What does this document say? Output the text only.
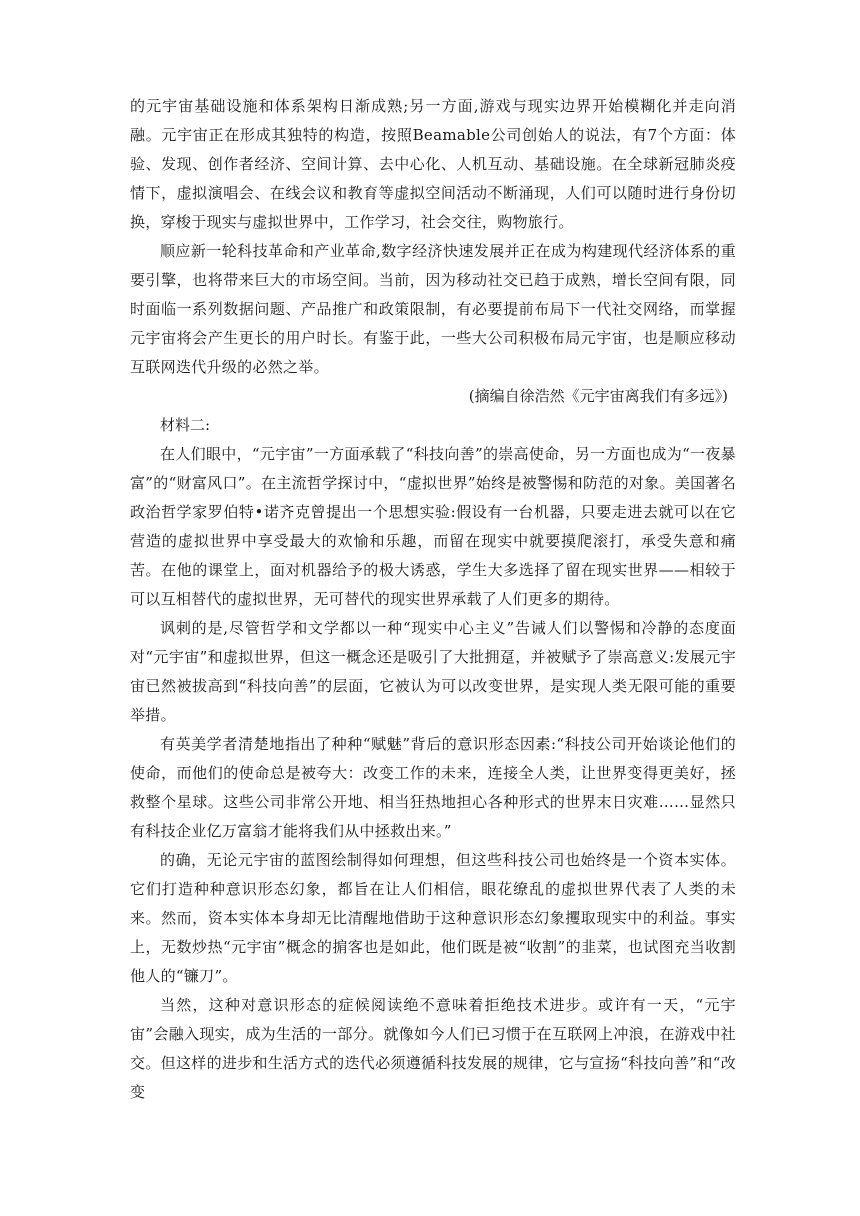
的元宇宙基础设施和体系架构日渐成熟;另一方面,游戏与现实边界开始模糊化并走向消融。元宇宙正在形成其独特的构造，按照Beamable公司创始人的说法，有7个方面：体验、发现、创作者经济、空间计算、去中心化、人机互动、基础设施。在全球新冠肺炎疫情下，虚拟演唱会、在线会议和教育等虚拟空间活动不断涌现，人们可以随时进行身份切换，穿梭于现实与虚拟世界中，工作学习，社会交往，购物旅行。

顺应新一轮科技革命和产业革命,数字经济快速发展并正在成为构建现代经济体系的重要引擎，也将带来巨大的市场空间。当前，因为移动社交已趋于成熟，增长空间有限，同时面临一系列数据问题、产品推广和政策限制，有必要提前布局下一代社交网络，而掌握元宇宙将会产生更长的用户时长。有鉴于此，一些大公司积极布局元宇宙，也是顺应移动互联网迭代升级的必然之举。

(摘编自徐浩然《元宇宙离我们有多远》)

材料二:

在人们眼中，“元宇宙”一方面承载了“科技向善”的崇高使命，另一方面也成为“一夜暴富”的“财富风口”。在主流哲学探讨中，“虚拟世界”始终是被警惕和防范的对象。美国著名政治哲学家罗伯特•诺齐克曾提出一个思想实验:假设有一台机器，只要走进去就可以在它营造的虚拟世界中享受最大的欢愉和乐趣，而留在现实中就要摸爬滚打，承受失意和痛苦。在他的课堂上，面对机器给予的极大诱惑，学生大多选择了留在现实世界——相较于可以互相替代的虚拟世界，无可替代的现实世界承载了人们更多的期待。

讽刺的是,尽管哲学和文学都以一种“现实中心主义”告诫人们以警惕和冷静的态度面对“元宇宙”和虚拟世界，但这一概念还是吸引了大批拥趸，并被赋予了崇高意义:发展元宇宙已然被拔高到“科技向善”的层面，它被认为可以改变世界，是实现人类无限可能的重要举措。

有英美学者清楚地指出了种种“赋魅”背后的意识形态因素:“科技公司开始谈论他们的使命，而他们的使命总是被夸大：改变工作的未来，连接全人类，让世界变得更美好，拯救整个星球。这些公司非常公开地、相当狂热地担心各种形式的世界末日灾难……显然只有科技企业亿万富翁才能将我们从中拯救出来。”

的确，无论元宇宙的蓝图绘制得如何理想，但这些科技公司也始终是一个资本实体。它们打造种种意识形态幻象，都旨在让人们相信，眼花缭乱的虚拟世界代表了人类的未来。然而，资本实体本身却无比清醒地借助于这种意识形态幻象攫取现实中的利益。事实上，无数炒热“元宇宙”概念的掮客也是如此，他们既是被“收割”的韭菜，也试图充当收割他人的“镰刀”。

当然，这种对意识形态的症候阅读绝不意味着拒绝技术进步。或许有一天，“元宇宙”会融入现实，成为生活的一部分。就像如今人们已习惯于在互联网上冲浪，在游戏中社交。但这样的进步和生活方式的迭代必须遵循科技发展的规律，它与宣扬“科技向善”和“改变
